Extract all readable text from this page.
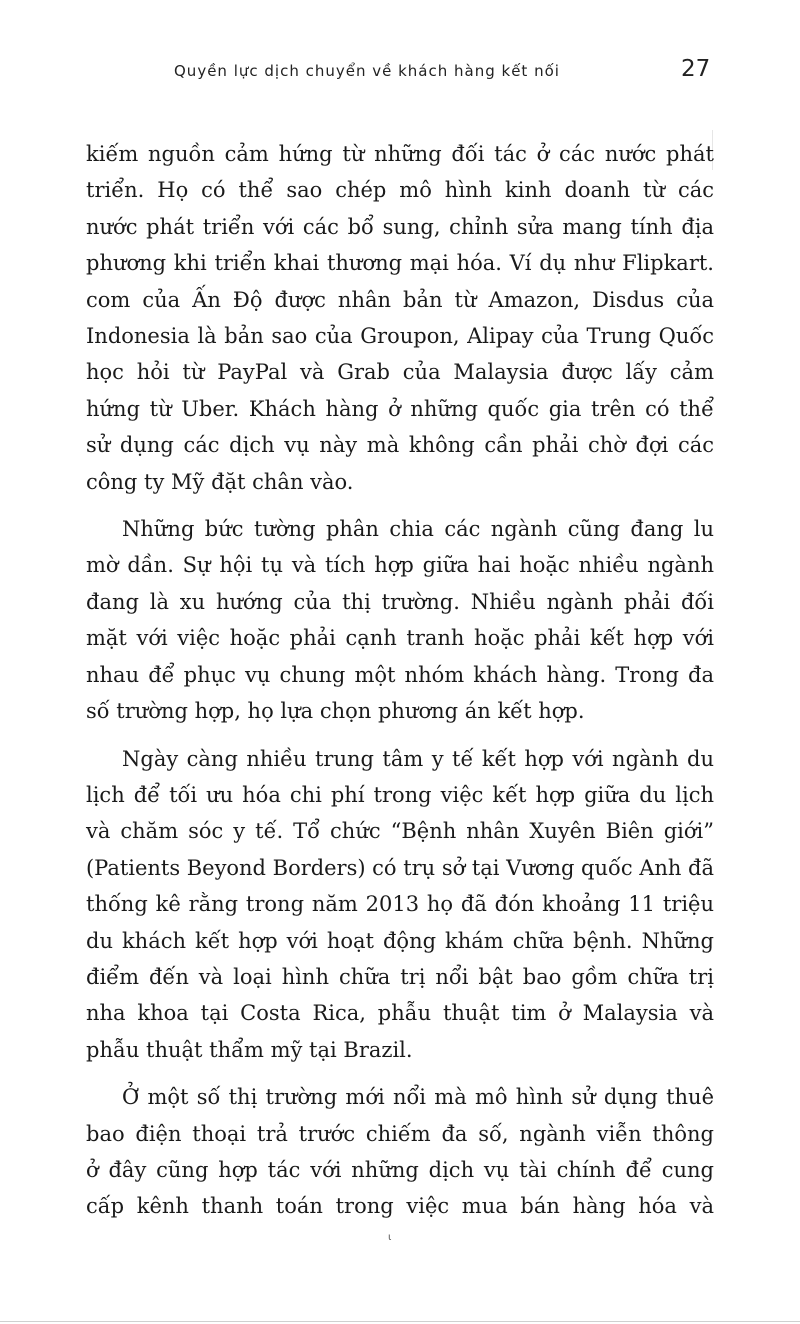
Quyền lực dịch chuyển về khách hàng kết nối	27
kiếm nguồn cảm hứng từ những đối tác ở các nước phát
triển. Họ có thể sao chép mô hình kinh doanh từ các
nước phát triển với các bổ sung, chỉnh sửa mang tính địa
phương khi triển khai thương mại hóa. Ví dụ như Flipkart.
com của Ấn Độ được nhân bản từ Amazon, Disdus của
Indonesia là bản sao của Groupon, Alipay của Trung Quốc
học hỏi từ PayPal và Grab của Malaysia được lấy cảm
hứng từ Uber. Khách hàng ở những quốc gia trên có thể
sử dụng các dịch vụ này mà không cần phải chờ đợi các
công ty Mỹ đặt chân vào.
Những bức tường phân chia các ngành cũng đang lu
mờ dần. Sự hội tụ và tích hợp giữa hai hoặc nhiều ngành
đang là xu hướng của thị trường. Nhiều ngành phải đối
mặt với việc hoặc phải cạnh tranh hoặc phải kết hợp với
nhau để phục vụ chung một nhóm khách hàng. Trong đa
số trường hợp, họ lựa chọn phương án kết hợp.
Ngày càng nhiều trung tâm y tế kết hợp với ngành du
lịch để tối ưu hóa chi phí trong việc kết hợp giữa du lịch
và chăm sóc y tế. Tổ chức “Bệnh nhân Xuyên Biên giới”
(Patients Beyond Borders) có trụ sở tại Vương quốc Anh đã
thống kê rằng trong năm 2013 họ đã đón khoảng 11 triệu
du khách kết hợp với hoạt động khám chữa bệnh. Những
điểm đến và loại hình chữa trị nổi bật bao gồm chữa trị
nha khoa tại Costa Rica, phẫu thuật tim ở Malaysia và
phẫu thuật thẩm mỹ tại Brazil.
Ở một số thị trường mới nổi mà mô hình sử dụng thuê
bao điện thoại trả trước chiếm đa số, ngành viễn thông
ở đây cũng hợp tác với những dịch vụ tài chính để cung
cấp kênh thanh toán trong việc mua bán hàng hóa và
ι
